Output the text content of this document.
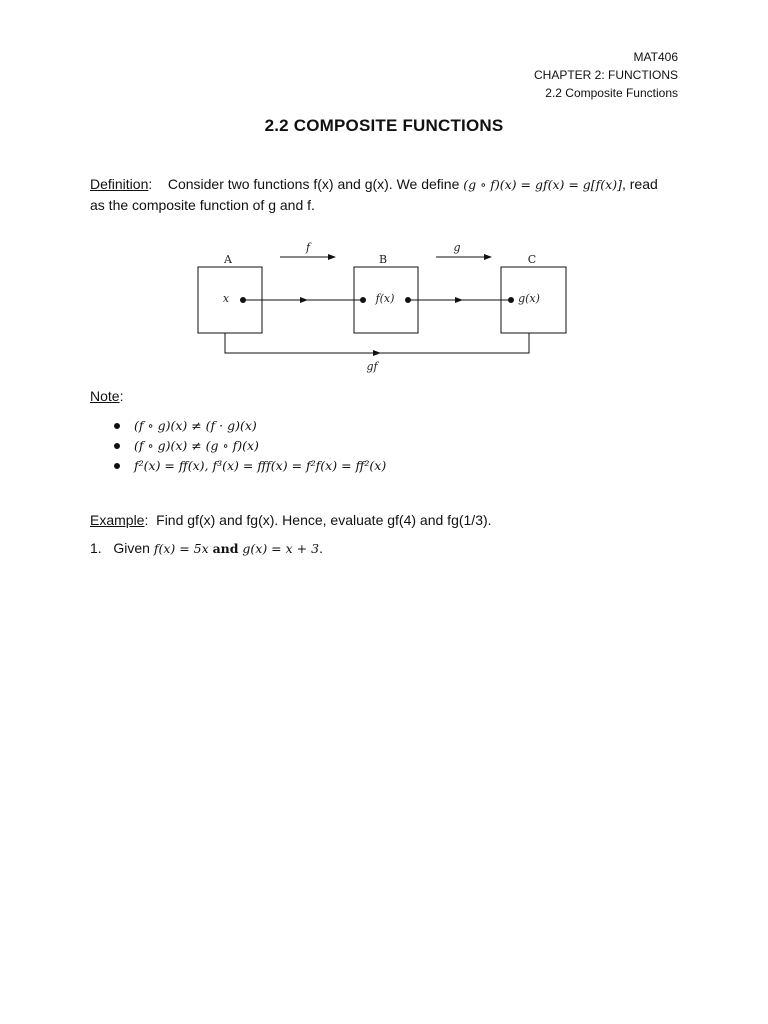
MAT406
CHAPTER 2: FUNCTIONS
2.2 Composite Functions
2.2 COMPOSITE FUNCTIONS
Definition: Consider two functions f(x) and g(x). We define (g ∘ f)(x) = gf(x) = g[f(x)], read
as the composite function of g and f.
A	B	C
f	g
x	f(x)	g(x)
gf
Note:
(f ∘ g)(x) ≠ (f · g)(x)
(f ∘ g)(x) ≠ (g ∘ f)(x)
f²(x) = ff(x), f³(x) = fff(x) = f²f(x) = ff²(x)
Example: Find gf(x) and fg(x). Hence, evaluate gf(4) and fg(1/3).
1. Given f(x) = 5x and g(x) = x + 3.
